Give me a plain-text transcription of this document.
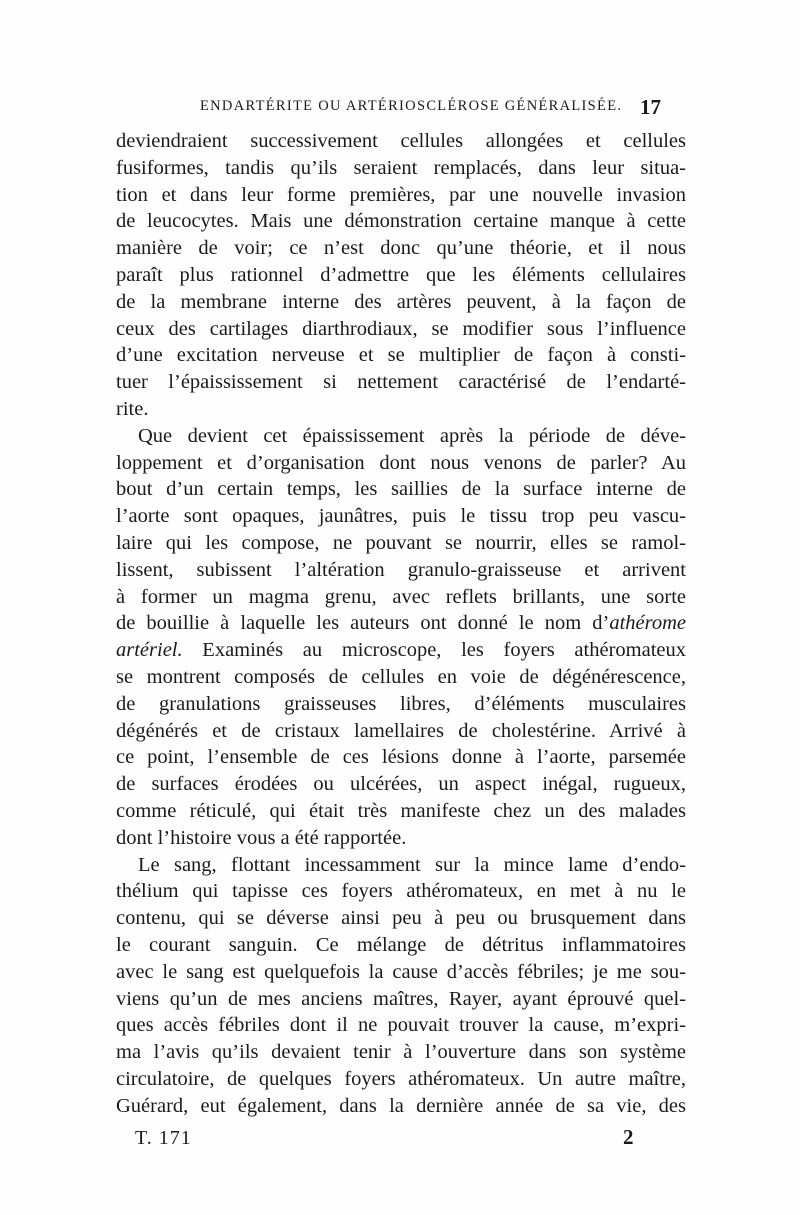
ENDARTÉRITE OU ARTÉRIOSCLÉROSE GÉNÉRALISÉE. 17
deviendraient successivement cellules allongées et cellules
fusiformes, tandis qu’ils seraient remplacés, dans leur situa-
tion et dans leur forme premières, par une nouvelle invasion
de leucocytes. Mais une démonstration certaine manque à cette
manière de voir; ce n’est donc qu’une théorie, et il nous
paraît plus rationnel d’admettre que les éléments cellulaires
de la membrane interne des artères peuvent, à la façon de
ceux des cartilages diarthrodiaux, se modifier sous l’influence
d’une excitation nerveuse et se multiplier de façon à consti-
tuer l’épaississement si nettement caractérisé de l’endarté-
rite.
Que devient cet épaississement après la période de déve-
loppement et d’organisation dont nous venons de parler? Au
bout d’un certain temps, les saillies de la surface interne de
l’aorte sont opaques, jaunâtres, puis le tissu trop peu vascu-
laire qui les compose, ne pouvant se nourrir, elles se ramol-
lissent, subissent l’altération granulo-graisseuse et arrivent
à former un magma grenu, avec reflets brillants, une sorte
de bouillie à laquelle les auteurs ont donné le nom d’athérome
artériel. Examinés au microscope, les foyers athéromateux
se montrent composés de cellules en voie de dégénérescence,
de granulations graisseuses libres, d’éléments musculaires
dégénérés et de cristaux lamellaires de cholestérine. Arrivé à
ce point, l’ensemble de ces lésions donne à l’aorte, parsemée
de surfaces érodées ou ulcérées, un aspect inégal, rugueux,
comme réticulé, qui était très manifeste chez un des malades
dont l’histoire vous a été rapportée.
Le sang, flottant incessamment sur la mince lame d’endo-
thélium qui tapisse ces foyers athéromateux, en met à nu le
contenu, qui se déverse ainsi peu à peu ou brusquement dans
le courant sanguin. Ce mélange de détritus inflammatoires
avec le sang est quelquefois la cause d’accès fébriles; je me sou-
viens qu’un de mes anciens maîtres, Rayer, ayant éprouvé quel-
ques accès fébriles dont il ne pouvait trouver la cause, m’expri-
ma l’avis qu’ils devaient tenir à l’ouverture dans son système
circulatoire, de quelques foyers athéromateux. Un autre maître,
Guérard, eut également, dans la dernière année de sa vie, des
T. 171	2
